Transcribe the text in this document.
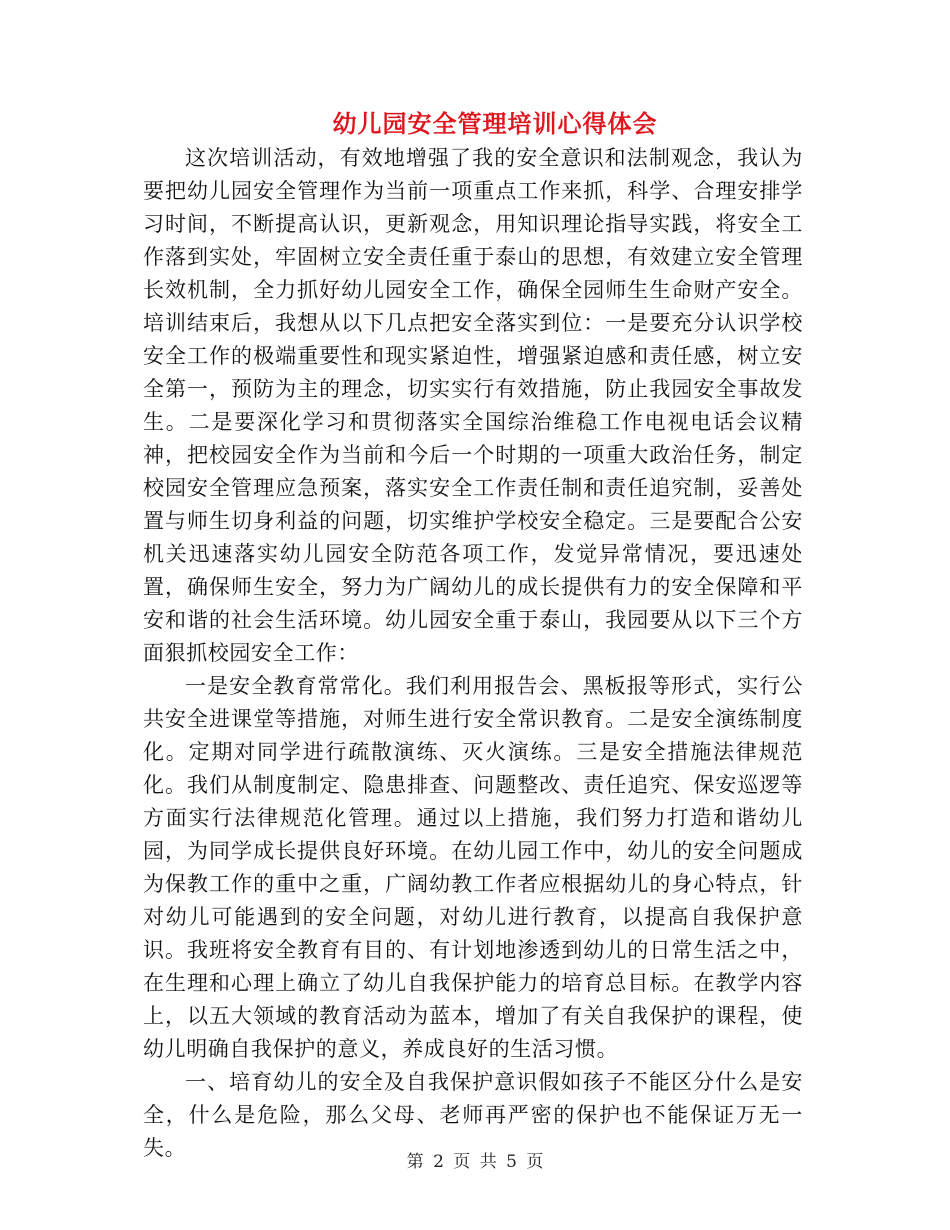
幼儿园安全管理培训心得体会

这次培训活动，有效地增强了我的安全意识和法制观念，我认为要把幼儿园安全管理作为当前一项重点工作来抓，科学、合理安排学习时间，不断提高认识，更新观念，用知识理论指导实践，将安全工作落到实处，牢固树立安全责任重于泰山的思想，有效建立安全管理长效机制，全力抓好幼儿园安全工作，确保全园师生生命财产安全。培训结束后，我想从以下几点把安全落实到位：一是要充分认识学校安全工作的极端重要性和现实紧迫性，增强紧迫感和责任感，树立安全第一，预防为主的理念，切实实行有效措施，防止我园安全事故发生。二是要深化学习和贯彻落实全国综治维稳工作电视电话会议精神，把校园安全作为当前和今后一个时期的一项重大政治任务，制定校园安全管理应急预案，落实安全工作责任制和责任追究制，妥善处置与师生切身利益的问题，切实维护学校安全稳定。三是要配合公安机关迅速落实幼儿园安全防范各项工作，发觉异常情况，要迅速处置，确保师生安全，努力为广阔幼儿的成长提供有力的安全保障和平安和谐的社会生活环境。幼儿园安全重于泰山，我园要从以下三个方面狠抓校园安全工作：

一是安全教育常常化。我们利用报告会、黑板报等形式，实行公共安全进课堂等措施，对师生进行安全常识教育。二是安全演练制度化。定期对同学进行疏散演练、灭火演练。三是安全措施法律规范化。我们从制度制定、隐患排查、问题整改、责任追究、保安巡逻等方面实行法律规范化管理。通过以上措施，我们努力打造和谐幼儿园，为同学成长提供良好环境。在幼儿园工作中，幼儿的安全问题成为保教工作的重中之重，广阔幼教工作者应根据幼儿的身心特点，针对幼儿可能遇到的安全问题，对幼儿进行教育，以提高自我保护意识。我班将安全教育有目的、有计划地渗透到幼儿的日常生活之中，在生理和心理上确立了幼儿自我保护能力的培育总目标。在教学内容上，以五大领域的教育活动为蓝本，增加了有关自我保护的课程，使幼儿明确自我保护的意义，养成良好的生活习惯。

一、培育幼儿的安全及自我保护意识假如孩子不能区分什么是安全，什么是危险，那么父母、老师再严密的保护也不能保证万无一失。

第 2 页 共 5 页
